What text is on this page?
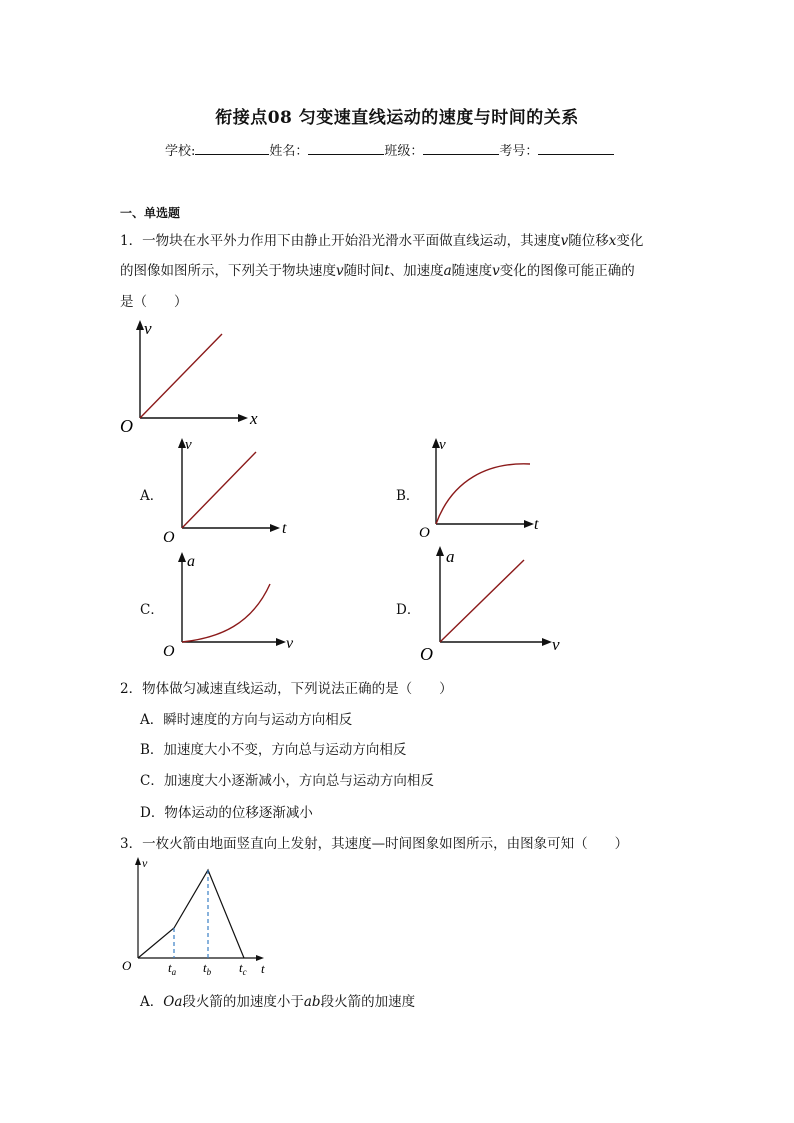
衔接点08 匀变速直线运动的速度与时间的关系
学校:	姓名：	班级：	考号：
一、单选题
1．一物块在水平外力作用下由静止开始沿光滑水平面做直线运动，其速度v随位移x变化
的图像如图所示，下列关于物块速度v随时间t、加速度a随速度v变化的图像可能正确的
是（　　）
v
x
O
A．
v
t
O
B．
v
t
O
C．
a
v
O
D．
a
v
O
2．物体做匀减速直线运动，下列说法正确的是（　　）
A．瞬时速度的方向与运动方向相反
B．加速度大小不变，方向总与运动方向相反
C．加速度大小逐渐减小，方向总与运动方向相反
D．物体运动的位移逐渐减小
3．一枚火箭由地面竖直向上发射，其速度—时间图象如图所示，由图象可知（　　）
v
t
O	$t_a$ $t_b$ $t_c$
A．Oa段火箭的加速度小于ab段火箭的加速度
